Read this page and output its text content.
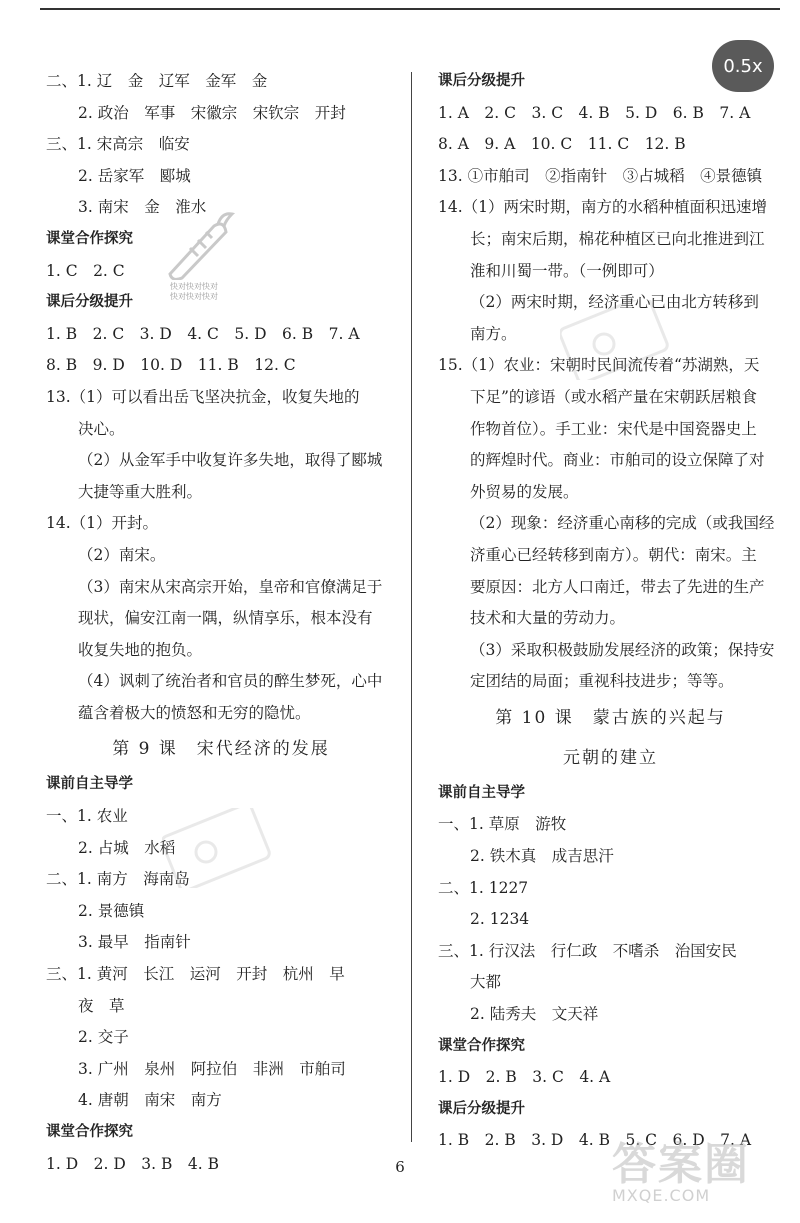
二、1. 辽　金　辽军　金军　金
2. 政治　军事　宋徽宗　宋钦宗　开封
三、1. 宋高宗　临安
2. 岳家军　郾城
3. 南宋　金　淮水
课堂合作探究
1. C　2. C
课后分级提升
1. B　2. C　3. D　4. C　5. D　6. B　7. A
8. B　9. D　10. D　11. B　12. C
13.（1）可以看出岳飞坚决抗金，收复失地的
决心。
（2）从金军手中收复许多失地，取得了郾城
大捷等重大胜利。
14.（1）开封。
（2）南宋。
（3）南宋从宋高宗开始，皇帝和官僚满足于
现状，偏安江南一隅，纵情享乐，根本没有
收复失地的抱负。
（4）讽刺了统治者和官员的醉生梦死，心中
蕴含着极大的愤怒和无穷的隐忧。
第 9 课　宋代经济的发展
课前自主导学
一、1. 农业
2. 占城　水稻
二、1. 南方　海南岛
2. 景德镇
3. 最早　指南针
三、1. 黄河　长江　运河　开封　杭州　早
夜　草
2. 交子
3. 广州　泉州　阿拉伯　非洲　市舶司
4. 唐朝　南宋　南方
课堂合作探究
1. D　2. D　3. B　4. B
课后分级提升
1. A　2. C　3. C　4. B　5. D　6. B　7. A
8. A　9. A　10. C　11. C　12. B
13. ①市舶司　②指南针　③占城稻　④景德镇
14.（1）两宋时期，南方的水稻种植面积迅速增
长；南宋后期，棉花种植区已向北推进到江
淮和川蜀一带。（一例即可）
（2）两宋时期，经济重心已由北方转移到
南方。
15.（1）农业：宋朝时民间流传着“苏湖熟，天
下足”的谚语（或水稻产量在宋朝跃居粮食
作物首位）。手工业：宋代是中国瓷器史上
的辉煌时代。商业：市舶司的设立保障了对
外贸易的发展。
（2）现象：经济重心南移的完成（或我国经
济重心已经转移到南方）。朝代：南宋。主
要原因：北方人口南迁，带去了先进的生产
技术和大量的劳动力。
（3）采取积极鼓励发展经济的政策；保持安
定团结的局面；重视科技进步；等等。
第 10 课　蒙古族的兴起与
元朝的建立
课前自主导学
一、1. 草原　游牧
2. 铁木真　成吉思汗
二、1. 1227
2. 1234
三、1. 行汉法　行仁政　不嗜杀　治国安民
大都
2. 陆秀夫　文天祥
课堂合作探究
1. D　2. B　3. C　4. A
课后分级提升
1. B　2. B　3. D　4. B　5. C　6. D　7. A
快对快对快对
快对快对快对
0.5x
6	答案圈
MXQE.COM
